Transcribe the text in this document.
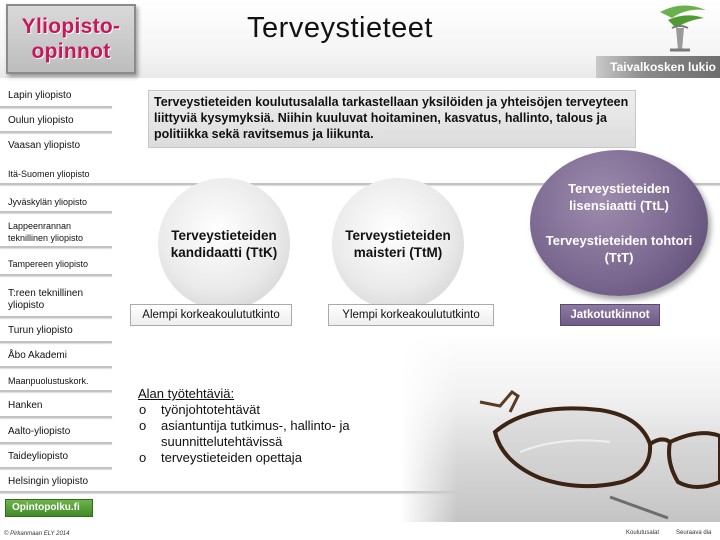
Yliopisto-
opinnot
Terveystieteet
Taivalkosken lukio
Lapin yliopisto
Oulun yliopisto
Vaasan yliopisto
Itä-Suomen yliopisto
Jyväskylän yliopisto
Lappeenrannan teknillinen yliopisto
Tampereen yliopisto
T:reen teknillinen yliopisto
Turun yliopisto
Åbo Akademi
Maanpuolustuskork.
Hanken
Aalto-yliopisto
Taideyliopisto
Helsingin yliopisto
Opintopolku.fi
© Pirkanmaan ELY 2014
Terveystieteiden koulutusalalla tarkastellaan yksilöiden ja yhteisöjen terveyteen liittyviä kysymyksiä. Niihin kuuluvat hoitaminen, kasvatus, hallinto, talous ja politiikka sekä ravitsemus ja liikunta.
Terveystieteiden kandidaatti (TtK)
Terveystieteiden maisteri (TtM)
Terveystieteiden lisensiaatti (TtL)
Terveystieteiden tohtori (TtT)
Alempi korkeakoulututkinto	Ylempi korkeakoulututkinto	Jatkotutkinnot
Alan työtehtäviä:
o työnjohtotehtävät
o asiantuntija tutkimus-, hallinto- ja suunnittelutehtävissä
o terveystieteiden opettaja
Koulutusalat	Seuraava dia
